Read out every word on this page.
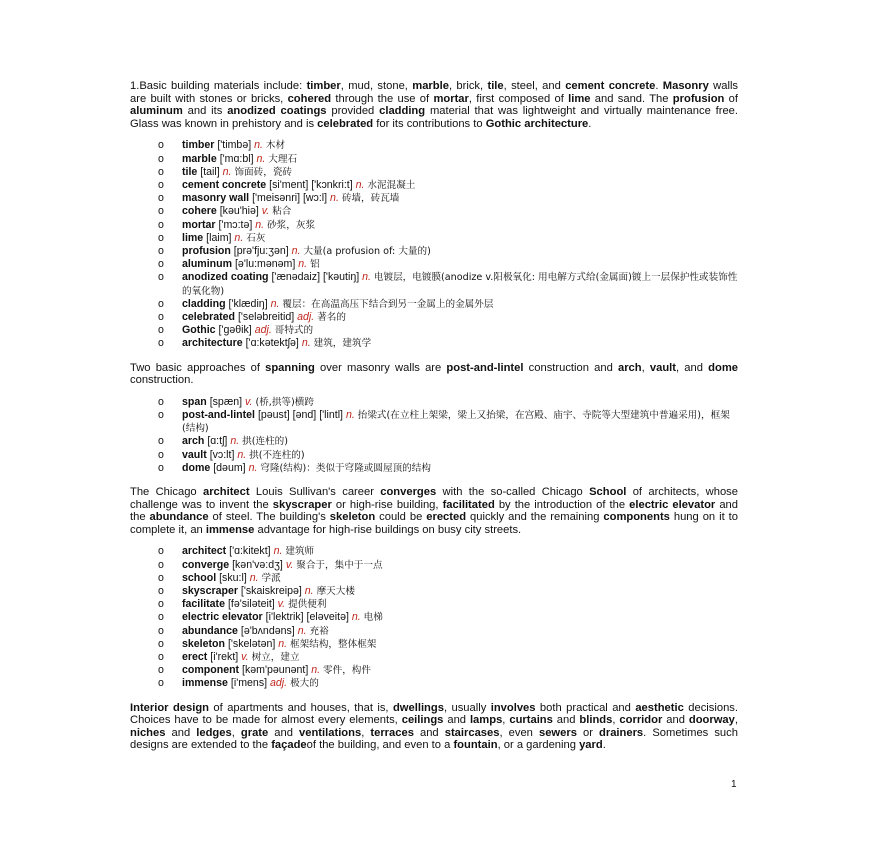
1.Basic building materials include: timber, mud, stone, marble, brick, tile, steel, and cement concrete. Masonry walls are built with stones or bricks, cohered through the use of mortar, first composed of lime and sand. The profusion of aluminum and its anodized coatings provided cladding material that was lightweight and virtually maintenance free. Glass was known in prehistory and is celebrated for its contributions to Gothic architecture.

o timber ['timbə] n. 木材
o marble ['mɑ:bl] n. 大理石
o tile [tail] n. 饰面砖，瓷砖
o cement concrete [si'ment] ['kɔnkri:t] n. 水泥混凝土
o masonry wall ['meisənri] [wɔ:l] n. 砖墙，砖瓦墙
o cohere [kəu'hiə] v. 粘合
o mortar ['mɔ:tə] n. 砂浆，灰浆
o lime [laim] n. 石灰
o profusion [prə'fju:ʒən] n. 大量(a profusion of: 大量的)
o aluminum [ə'lu:mənəm] n. 铝
o anodized coating ['ænədaiz] ['kəutiŋ] n. 电镀层，电镀膜(anodize v.阳极氧化: 用电解方式给(金属面)镀上一层保护性或装饰性的氧化物)
o cladding ['klædiŋ] n. 覆层：在高温高压下结合到另一金属上的金属外层
o celebrated ['seləbreitid] adj. 著名的
o Gothic ['gəθik] adj. 哥特式的
o architecture ['ɑ:kətektʃə] n. 建筑，建筑学

Two basic approaches of spanning over masonry walls are post-and-lintel construction and arch, vault, and dome construction.

o span [spæn] v. (桥,拱等)横跨
o post-and-lintel [pəust] [ənd] ['lintl] n. 抬梁式(在立柱上架梁，梁上又抬梁，在宫殿、庙宇、寺院等大型建筑中普遍采用)，框架(结构)
o arch [ɑ:tʃ] n. 拱(连柱的)
o vault [vɔ:lt] n. 拱(不连柱的)
o dome [dəum] n. 穹隆(结构)：类似于穹隆或圆屋顶的结构

The Chicago architect Louis Sullivan's career converges with the so-called Chicago School of architects, whose challenge was to invent the skyscraper or high-rise building, facilitated by the introduction of the electric elevator and the abundance of steel. The building's skeleton could be erected quickly and the remaining components hung on it to complete it, an immense advantage for high-rise buildings on busy city streets.

o architect ['ɑ:kitekt] n. 建筑师
o converge [kən'və:dʒ] v. 聚合于，集中于一点
o school [sku:l] n. 学派
o skyscraper ['skaiskreipə] n. 摩天大楼
o facilitate [fə'siləteit] v. 提供便利
o electric elevator [i'lektrik] [eləveitə] n. 电梯
o abundance [ə'bʌndəns] n. 充裕
o skeleton ['skelətən] n. 框架结构，整体框架
o erect [i'rekt] v. 树立，建立
o component [kəm'pəunənt] n. 零件，构件
o immense [i'mens] adj. 极大的

Interior design of apartments and houses, that is, dwellings, usually involves both practical and aesthetic decisions. Choices have to be made for almost every elements, ceilings and lamps, curtains and blinds, corridor and doorway, niches and ledges, grate and ventilations, terraces and staircases, even sewers or drainers. Sometimes such designs are extended to the façadeof the building, and even to a fountain, or a gardening yard.

1
